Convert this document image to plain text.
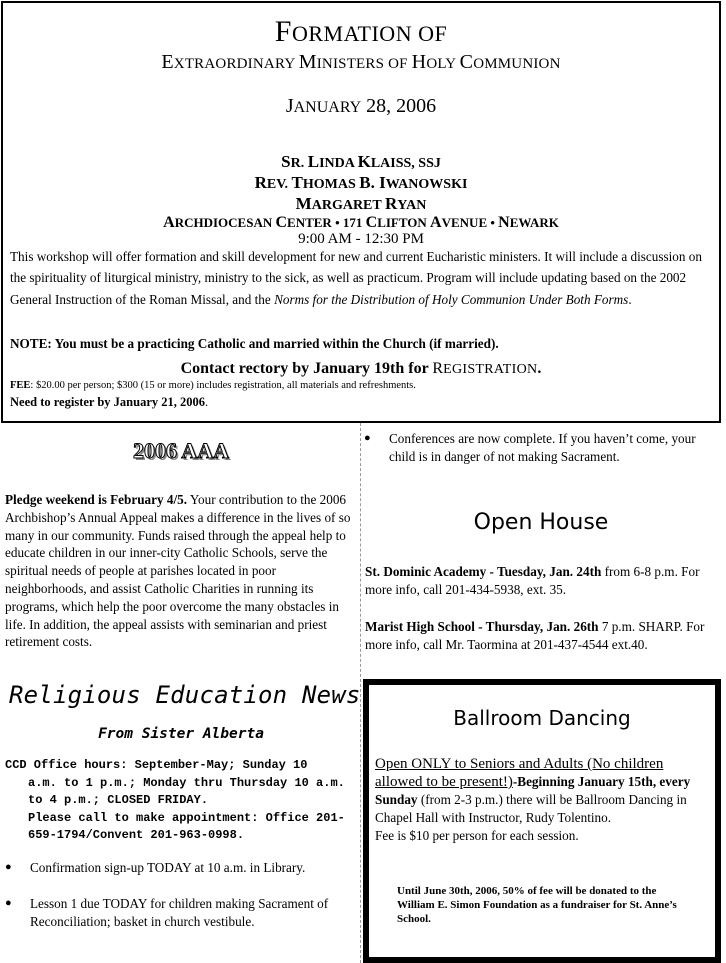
FORMATION OF
EXTRAORDINARY MINISTERS OF HOLY COMMUNION
JANUARY 28, 2006
SR. LINDA KLAISS, SSJ
REV. THOMAS B. IWANOWSKI
MARGARET RYAN
ARCHDIOCESAN CENTER • 171 CLIFTON AVENUE • NEWARK
9:00 AM - 12:30 PM
This workshop will offer formation and skill development for new and current Eucharistic ministers. It will include a discussion on the spirituality of liturgical ministry, ministry to the sick, as well as practicum. Program will include updating based on the 2002 General Instruction of the Roman Missal, and the Norms for the Distribution of Holy Communion Under Both Forms.
NOTE: You must be a practicing Catholic and married within the Church (if married).
Contact rectory by January 19th for REGISTRATION.
FEE: $20.00 per person; $300 (15 or more) includes registration, all materials and refreshments.
Need to register by January 21, 2006.
2006 AAA
Pledge weekend is February 4/5. Your contribution to the 2006 Archbishop’s Annual Appeal makes a difference in the lives of so many in our community. Funds raised through the appeal help to educate children in our inner-city Catholic Schools, serve the spiritual needs of people at parishes located in poor neighborhoods, and assist Catholic Charities in running its programs, which help the poor overcome the many obstacles in life. In addition, the appeal assists with seminarian and priest retirement costs.
Religious Education News
From Sister Alberta
CCD Office hours: September-May; Sunday 10
a.m. to 1 p.m.; Monday thru Thursday 10 a.m. to 4 p.m.; CLOSED FRIDAY.
Please call to make appointment: Office 201-659-1794/Convent 201-963-0998.
●	Confirmation sign-up TODAY at 10 a.m. in Library.
●	Lesson 1 due TODAY for children making Sacrament of Reconciliation; basket in church vestibule.
●	Conferences are now complete. If you haven’t come, your child is in danger of not making Sacrament.
Open House
St. Dominic Academy - Tuesday, Jan. 24th from 6-8 p.m. For more info, call 201-434-5938, ext. 35.
Marist High School - Thursday, Jan. 26th 7 p.m. SHARP. For more info, call Mr. Taormina at 201-437-4544 ext.40.
Ballroom Dancing
Open ONLY to Seniors and Adults (No children allowed to be present!)-Beginning January 15th, every Sunday (from 2-3 p.m.) there will be Ballroom Dancing in Chapel Hall with Instructor, Rudy Tolentino.
Fee is $10 per person for each session.
Until June 30th, 2006, 50% of fee will be donated to the William E. Simon Foundation as a fundraiser for St. Anne’s School.
